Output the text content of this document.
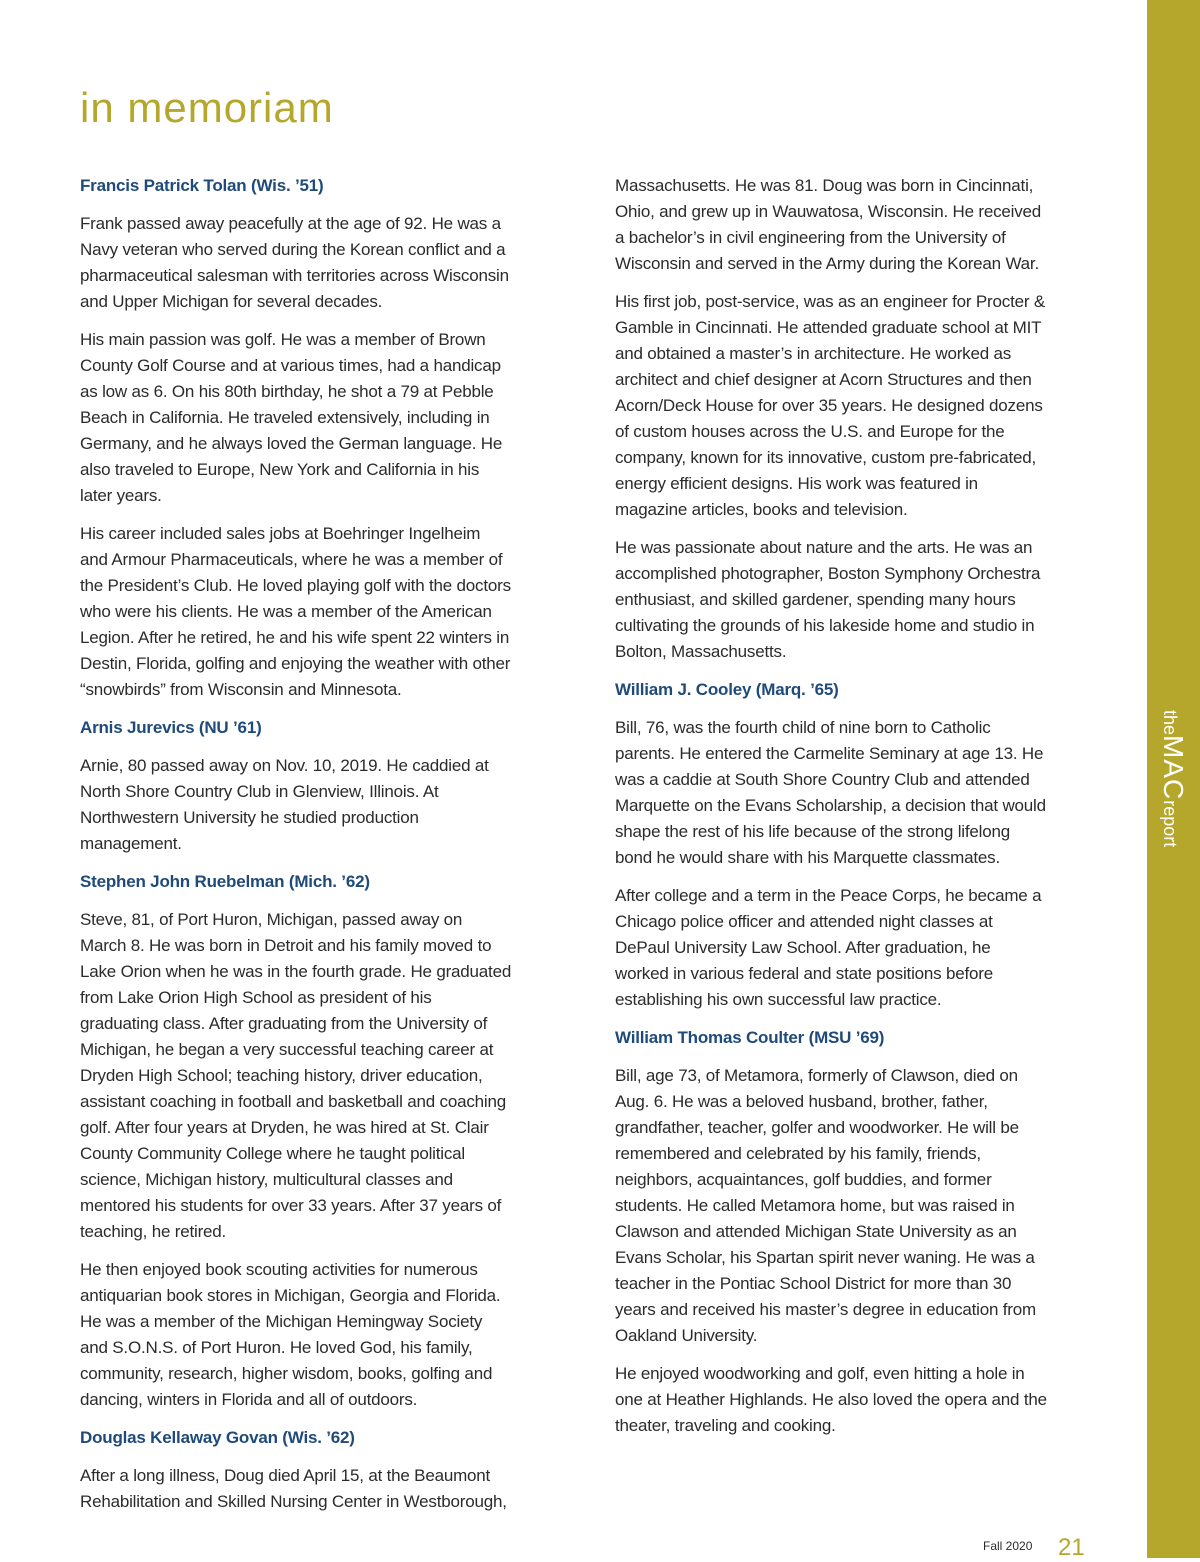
in memoriam
Francis Patrick Tolan (Wis. ’51)

Frank passed away peacefully at the age of 92. He was a Navy veteran who served during the Korean conflict and a pharmaceutical salesman with territories across Wisconsin and Upper Michigan for several decades.

His main passion was golf. He was a member of Brown County Golf Course and at various times, had a handicap as low as 6. On his 80th birthday, he shot a 79 at Pebble Beach in California. He traveled extensively, including in Germany, and he always loved the German language. He also traveled to Europe, New York and California in his later years.

His career included sales jobs at Boehringer Ingelheim and Armour Pharmaceuticals, where he was a member of the President’s Club. He loved playing golf with the doctors who were his clients. He was a member of the American Legion. After he retired, he and his wife spent 22 winters in Destin, Florida, golfing and enjoying the weather with other “snowbirds” from Wisconsin and Minnesota.

Arnis Jurevics (NU ’61)

Arnie, 80 passed away on Nov. 10, 2019. He caddied at North Shore Country Club in Glenview, Illinois. At Northwestern University he studied production management.

Stephen John Ruebelman (Mich. ’62)

Steve, 81, of Port Huron, Michigan, passed away on March 8. He was born in Detroit and his family moved to Lake Orion when he was in the fourth grade. He graduated from Lake Orion High School as president of his graduating class. After graduating from the University of Michigan, he began a very successful teaching career at Dryden High School; teaching history, driver education, assistant coaching in football and basketball and coaching golf. After four years at Dryden, he was hired at St. Clair County Community College where he taught political science, Michigan history, multicultural classes and mentored his students for over 33 years. After 37 years of teaching, he retired.

He then enjoyed book scouting activities for numerous antiquarian book stores in Michigan, Georgia and Florida. He was a member of the Michigan Hemingway Society and S.O.N.S. of Port Huron. He loved God, his family, community, research, higher wisdom, books, golfing and dancing, winters in Florida and all of outdoors.

Douglas Kellaway Govan (Wis. ’62)

After a long illness, Doug died April 15, at the Beaumont Rehabilitation and Skilled Nursing Center in Westborough,

Massachusetts. He was 81. Doug was born in Cincinnati, Ohio, and grew up in Wauwatosa, Wisconsin. He received a bachelor’s in civil engineering from the University of Wisconsin and served in the Army during the Korean War.

His first job, post-service, was as an engineer for Procter & Gamble in Cincinnati. He attended graduate school at MIT and obtained a master’s in architecture. He worked as architect and chief designer at Acorn Structures and then Acorn/Deck House for over 35 years. He designed dozens of custom houses across the U.S. and Europe for the company, known for its innovative, custom pre-fabricated, energy efficient designs. His work was featured in magazine articles, books and television.

He was passionate about nature and the arts. He was an accomplished photographer, Boston Symphony Orchestra enthusiast, and skilled gardener, spending many hours cultivating the grounds of his lakeside home and studio in Bolton, Massachusetts.

William J. Cooley (Marq. ’65)

Bill, 76, was the fourth child of nine born to Catholic parents. He entered the Carmelite Seminary at age 13. He was a caddie at South Shore Country Club and attended Marquette on the Evans Scholarship, a decision that would shape the rest of his life because of the strong lifelong bond he would share with his Marquette classmates.

After college and a term in the Peace Corps, he became a Chicago police officer and attended night classes at DePaul University Law School. After graduation, he worked in various federal and state positions before establishing his own successful law practice.

William Thomas Coulter (MSU ’69)

Bill, age 73, of Metamora, formerly of Clawson, died on Aug. 6. He was a beloved husband, brother, father, grandfather, teacher, golfer and woodworker. He will be remembered and celebrated by his family, friends, neighbors, acquaintances, golf buddies, and former students. He called Metamora home, but was raised in Clawson and attended Michigan State University as an Evans Scholar, his Spartan spirit never waning. He was a teacher in the Pontiac School District for more than 30 years and received his master’s degree in education from Oakland University.

He enjoyed woodworking and golf, even hitting a hole in one at Heather Highlands. He also loved the opera and the theater, traveling and cooking.

theMACreport
Fall 2020 21
